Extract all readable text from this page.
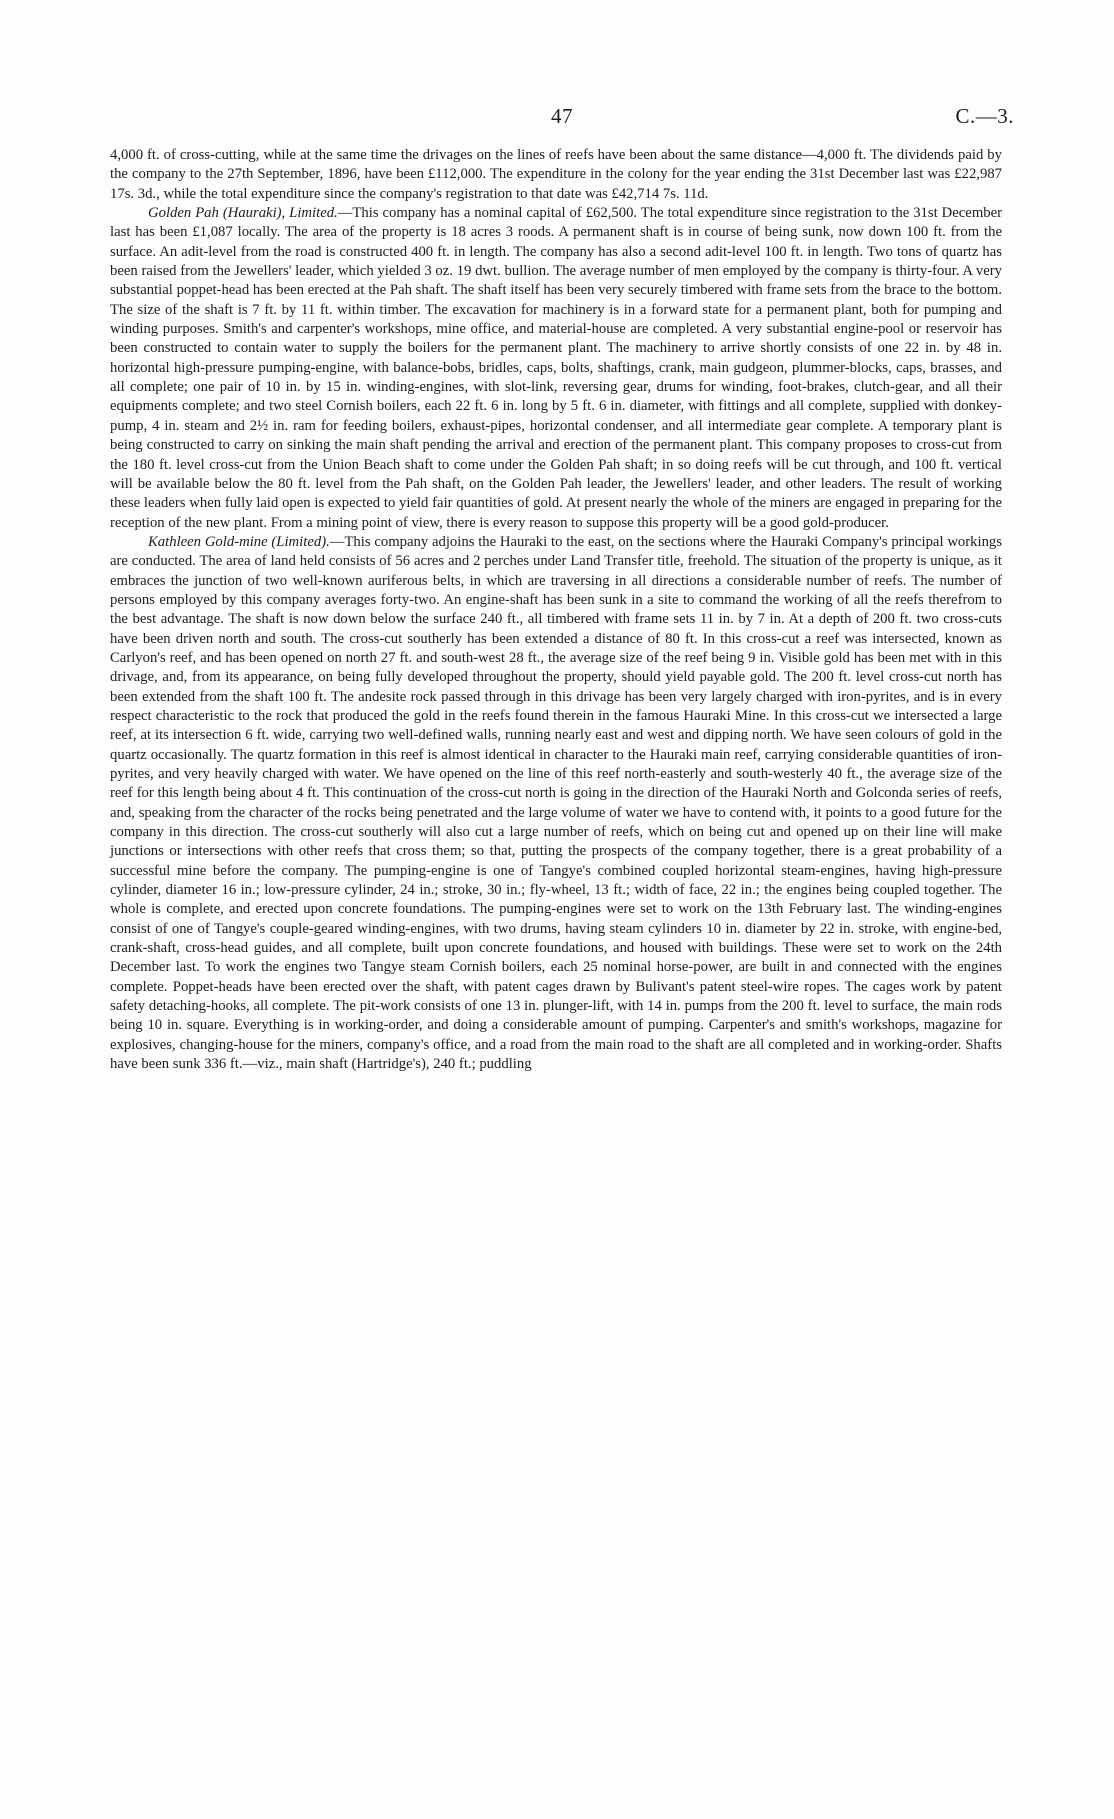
47	C.—3.

4,000 ft. of cross-cutting, while at the same time the drivages on the lines of reefs have been about the same distance—4,000 ft. The dividends paid by the company to the 27th September, 1896, have been £112,000. The expenditure in the colony for the year ending the 31st December last was £22,987 17s. 3d., while the total expenditure since the company's registration to that date was £42,714 7s. 11d.

Golden Pah (Hauraki), Limited.—This company has a nominal capital of £62,500. The total expenditure since registration to the 31st December last has been £1,087 locally. The area of the property is 18 acres 3 roods. A permanent shaft is in course of being sunk, now down 100 ft. from the surface. An adit-level from the road is constructed 400 ft. in length. The company has also a second adit-level 100 ft. in length. Two tons of quartz has been raised from the Jewellers' leader, which yielded 3 oz. 19 dwt. bullion. The average number of men employed by the company is thirty-four. A very substantial poppet-head has been erected at the Pah shaft. The shaft itself has been very securely timbered with frame sets from the brace to the bottom. The size of the shaft is 7 ft. by 11 ft. within timber. The excavation for machinery is in a forward state for a permanent plant, both for pumping and winding purposes. Smith's and carpenter's workshops, mine office, and material-house are completed. A very substantial engine-pool or reservoir has been constructed to contain water to supply the boilers for the permanent plant. The machinery to arrive shortly consists of one 22 in. by 48 in. horizontal high-pressure pumping-engine, with balance-bobs, bridles, caps, bolts, shaftings, crank, main gudgeon, plummer-blocks, caps, brasses, and all complete; one pair of 10 in. by 15 in. winding-engines, with slot-link, reversing gear, drums for winding, foot-brakes, clutch-gear, and all their equipments complete; and two steel Cornish boilers, each 22 ft. 6 in. long by 5 ft. 6 in. diameter, with fittings and all complete, supplied with donkey-pump, 4 in. steam and 2½ in. ram for feeding boilers, exhaust-pipes, horizontal condenser, and all intermediate gear complete. A temporary plant is being constructed to carry on sinking the main shaft pending the arrival and erection of the permanent plant. This company proposes to cross-cut from the 180 ft. level cross-cut from the Union Beach shaft to come under the Golden Pah shaft; in so doing reefs will be cut through, and 100 ft. vertical will be available below the 80 ft. level from the Pah shaft, on the Golden Pah leader, the Jewellers' leader, and other leaders. The result of working these leaders when fully laid open is expected to yield fair quantities of gold. At present nearly the whole of the miners are engaged in preparing for the reception of the new plant. From a mining point of view, there is every reason to suppose this property will be a good gold-producer.

Kathleen Gold-mine (Limited).—This company adjoins the Hauraki to the east, on the sections where the Hauraki Company's principal workings are conducted. The area of land held consists of 56 acres and 2 perches under Land Transfer title, freehold. The situation of the property is unique, as it embraces the junction of two well-known auriferous belts, in which are traversing in all directions a considerable number of reefs. The number of persons employed by this company averages forty-two. An engine-shaft has been sunk in a site to command the working of all the reefs therefrom to the best advantage. The shaft is now down below the surface 240 ft., all timbered with frame sets 11 in. by 7 in. At a depth of 200 ft. two cross-cuts have been driven north and south. The cross-cut southerly has been extended a distance of 80 ft. In this cross-cut a reef was intersected, known as Carlyon's reef, and has been opened on north 27 ft. and south-west 28 ft., the average size of the reef being 9 in. Visible gold has been met with in this drivage, and, from its appearance, on being fully developed throughout the property, should yield payable gold. The 200 ft. level cross-cut north has been extended from the shaft 100 ft. The andesite rock passed through in this drivage has been very largely charged with iron-pyrites, and is in every respect characteristic to the rock that produced the gold in the reefs found therein in the famous Hauraki Mine. In this cross-cut we intersected a large reef, at its intersection 6 ft. wide, carrying two well-defined walls, running nearly east and west and dipping north. We have seen colours of gold in the quartz occasionally. The quartz formation in this reef is almost identical in character to the Hauraki main reef, carrying considerable quantities of iron-pyrites, and very heavily charged with water. We have opened on the line of this reef north-easterly and south-westerly 40 ft., the average size of the reef for this length being about 4 ft. This continuation of the cross-cut north is going in the direction of the Hauraki North and Golconda series of reefs, and, speaking from the character of the rocks being penetrated and the large volume of water we have to contend with, it points to a good future for the company in this direction. The cross-cut southerly will also cut a large number of reefs, which on being cut and opened up on their line will make junctions or intersections with other reefs that cross them; so that, putting the prospects of the company together, there is a great probability of a successful mine before the company. The pumping-engine is one of Tangye's combined coupled horizontal steam-engines, having high-pressure cylinder, diameter 16 in.; low-pressure cylinder, 24 in.; stroke, 30 in.; fly-wheel, 13 ft.; width of face, 22 in.; the engines being coupled together. The whole is complete, and erected upon concrete foundations. The pumping-engines were set to work on the 13th February last. The winding-engines consist of one of Tangye's couple-geared winding-engines, with two drums, having steam cylinders 10 in. diameter by 22 in. stroke, with engine-bed, crank-shaft, cross-head guides, and all complete, built upon concrete foundations, and housed with buildings. These were set to work on the 24th December last. To work the engines two Tangye steam Cornish boilers, each 25 nominal horse-power, are built in and connected with the engines complete. Poppet-heads have been erected over the shaft, with patent cages drawn by Bulivant's patent steel-wire ropes. The cages work by patent safety detaching-hooks, all complete. The pit-work consists of one 13 in. plunger-lift, with 14 in. pumps from the 200 ft. level to surface, the main rods being 10 in. square. Everything is in working-order, and doing a considerable amount of pumping. Carpenter's and smith's workshops, magazine for explosives, changing-house for the miners, company's office, and a road from the main road to the shaft are all completed and in working-order. Shafts have been sunk 336 ft.—viz., main shaft (Hartridge's), 240 ft.; puddling
